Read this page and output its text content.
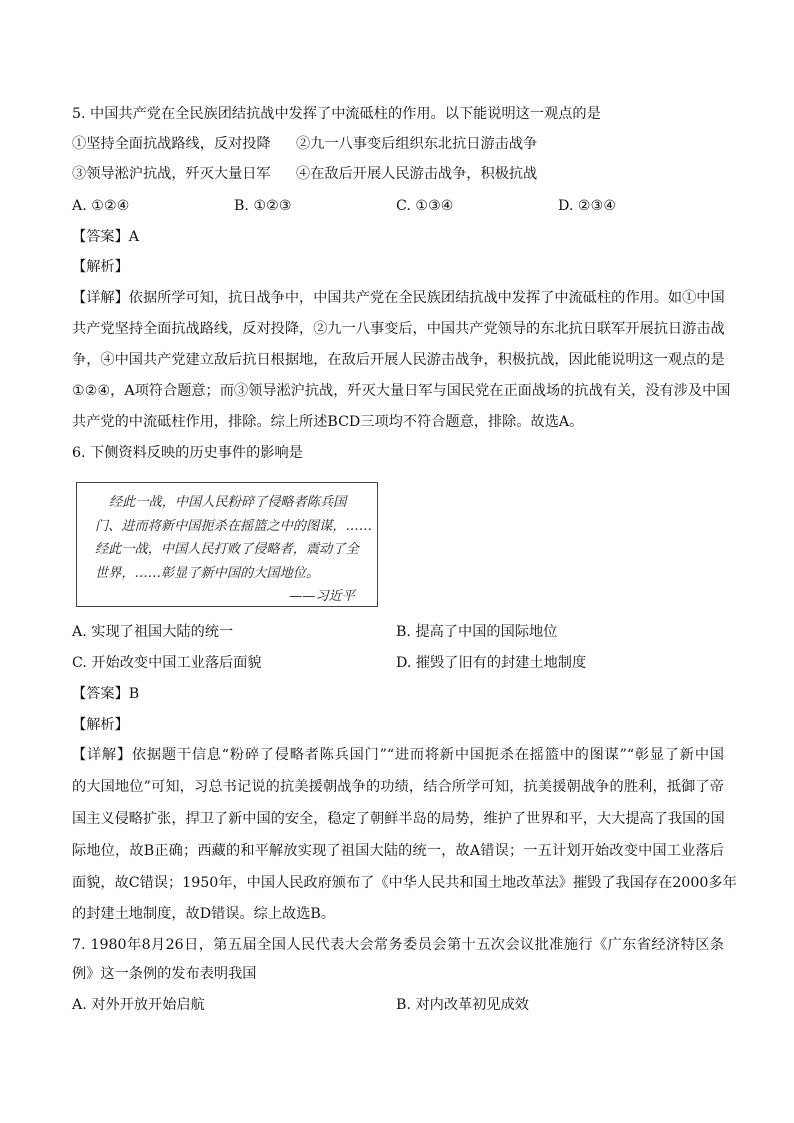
5. 中国共产党在全民族团结抗战中发挥了中流砥柱的作用。以下能说明这一观点的是
①坚持全面抗战路线，反对投降 ②九一八事变后组织东北抗日游击战争
③领导淞沪抗战，歼灭大量日军 ④在敌后开展人民游击战争，积极抗战
A. ①②④	B. ①②③	C. ①③④	D. ②③④
【答案】A
【解析】
【详解】依据所学可知，抗日战争中，中国共产党在全民族团结抗战中发挥了中流砥柱的作用。如①中国
共产党坚持全面抗战路线，反对投降，②九一八事变后，中国共产党领导的东北抗日联军开展抗日游击战
争，④中国共产党建立敌后抗日根据地，在敌后开展人民游击战争，积极抗战，因此能说明这一观点的是
①②④，A项符合题意；而③领导淞沪抗战，歼灭大量日军与国民党在正面战场的抗战有关，没有涉及中国
共产党的中流砥柱作用，排除。综上所述BCD三项均不符合题意，排除。故选A。
6. 下侧资料反映的历史事件的影响是
经此一战，中国人民粉碎了侵略者陈兵国
门、进而将新中国扼杀在摇篮之中的图谋，……
经此一战，中国人民打败了侵略者，震动了全
世界，……彰显了新中国的大国地位。
——习近平
A. 实现了祖国大陆的统一	B. 提高了中国的国际地位
C. 开始改变中国工业落后面貌	D. 摧毁了旧有的封建土地制度
【答案】B
【解析】
【详解】依据题干信息“粉碎了侵略者陈兵国门”“进而将新中国扼杀在摇篮中的图谋”“彰显了新中国
的大国地位”可知，习总书记说的抗美援朝战争的功绩，结合所学可知，抗美援朝战争的胜利，抵御了帝
国主义侵略扩张，捍卫了新中国的安全，稳定了朝鲜半岛的局势，维护了世界和平，大大提高了我国的国
际地位，故B正确；西藏的和平解放实现了祖国大陆的统一，故A错误；一五计划开始改变中国工业落后
面貌，故C错误；1950年，中国人民政府颁布了《中华人民共和国土地改革法》摧毁了我国存在2000多年
的封建土地制度，故D错误。综上故选B。
7. 1980年8月26日，第五届全国人民代表大会常务委员会第十五次会议批准施行《广东省经济特区条
例》这一条例的发布表明我国
A. 对外开放开始启航	B. 对内改革初见成效
